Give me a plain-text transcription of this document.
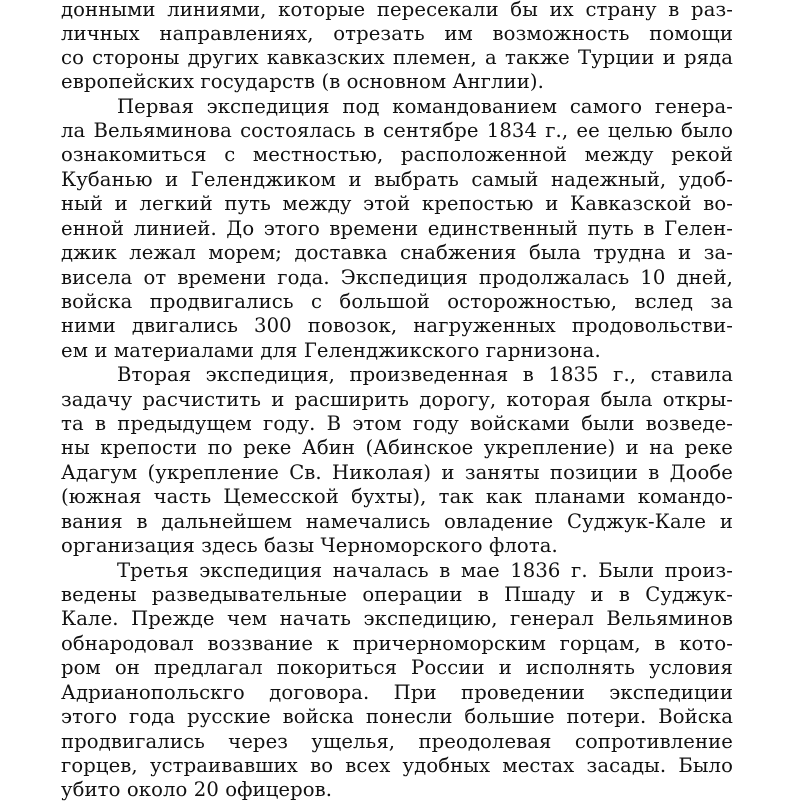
донными линиями, которые пересекали бы их страну в раз-
личных направлениях, отрезать им возможность помощи
со стороны других кавказских племен, а также Турции и ряда
европейских государств (в основном Англии).
Первая экспедиция под командованием самого генера-
ла Вельяминова состоялась в сентябре 1834 г., ее целью было
ознакомиться с местностью, расположенной между рекой
Кубанью и Геленджиком и выбрать самый надежный, удоб-
ный и легкий путь между этой крепостью и Кавказской во-
енной линией. До этого времени единственный путь в Гелен-
джик лежал морем; доставка снабжения была трудна и за-
висела от времени года. Экспедиция продолжалась 10 дней,
войска продвигались с большой осторожностью, вслед за
ними двигались 300 повозок, нагруженных продовольстви-
ем и материалами для Геленджикского гарнизона.
Вторая экспедиция, произведенная в 1835 г., ставила
задачу расчистить и расширить дорогу, которая была откры-
та в предыдущем году. В этом году войсками были возведе-
ны крепости по реке Абин (Абинское укрепление) и на реке
Адагум (укрепление Св. Николая) и заняты позиции в Дообе
(южная часть Цемесской бухты), так как планами командо-
вания в дальнейшем намечались овладение Суджук-Кале и
организация здесь базы Черноморского флота.
Третья экспедиция началась в мае 1836 г. Были произ-
ведены разведывательные операции в Пшаду и в Суджук-
Кале. Прежде чем начать экспедицию, генерал Вельяминов
обнародовал воззвание к причерноморским горцам, в кото-
ром он предлагал покориться России и исполнять условия
Адрианопольскго договора. При проведении экспедиции
этого года русские войска понесли большие потери. Войска
продвигались через ущелья, преодолевая сопротивление
горцев, устраивавших во всех удобных местах засады. Было
убито около 20 офицеров.
